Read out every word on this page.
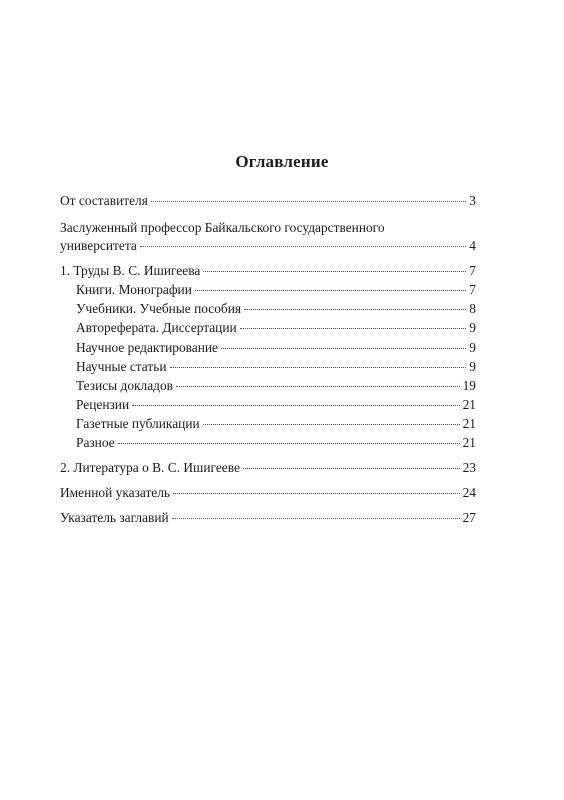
Оглавление
От составителя	3
Заслуженный профессор Байкальского государственного
университета	4
1. Труды В. С. Ишигеева	7
Книги. Монографии	7
Учебники. Учебные пособия	8
Автореферата. Диссертации	9
Научное редактирование	9
Научные статьи	9
Тезисы докладов	19
Рецензии	21
Газетные публикации	21
Разное	21
2. Литература о В. С. Ишигееве	23
Именной указатель	24
Указатель заглавий	27
